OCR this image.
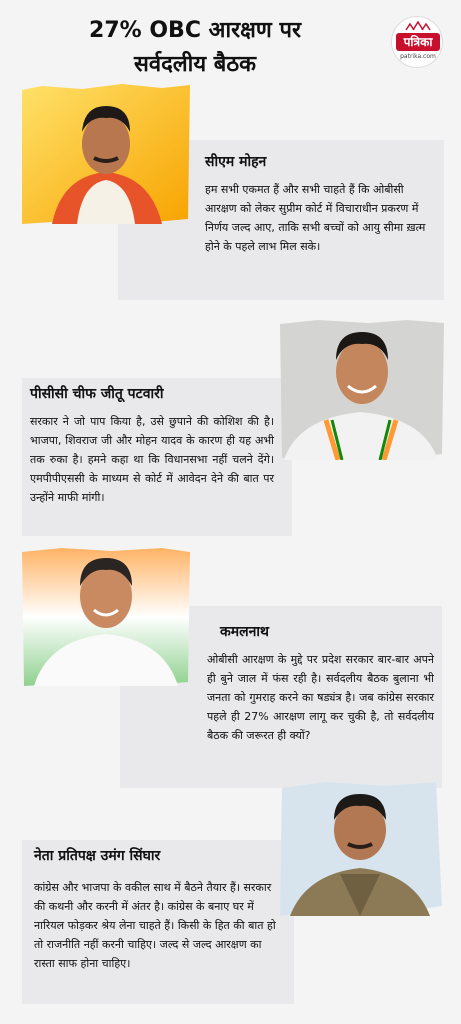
27% OBC आरक्षण पर
सर्वदलीय बैठक
पत्रिका
patrika.com
सीएम मोहन
हम सभी एकमत हैं और सभी चाहते हैं कि ओबीसी आरक्षण को लेकर सुप्रीम कोर्ट में विचाराधीन प्रकरण में निर्णय जल्द आए, ताकि सभी बच्चों को आयु सीमा ख़त्म होने के पहले लाभ मिल सके।
पीसीसी चीफ जीतू पटवारी
सरकार ने जो पाप किया है, उसे छुपाने की कोशिश की है। भाजपा, शिवराज जी और मोहन यादव के कारण ही यह अभी तक रुका है। हमने कहा था कि विधानसभा नहीं चलने देंगे। एमपीपीएससी के माध्यम से कोर्ट में आवेदन देने की बात पर उन्होंने माफी मांगी।
कमलनाथ
ओबीसी आरक्षण के मुद्दे पर प्रदेश सरकार बार-बार अपने ही बुने जाल में फंस रही है। सर्वदलीय बैठक बुलाना भी जनता को गुमराह करने का षड्यंत्र है। जब कांग्रेस सरकार पहले ही 27% आरक्षण लागू कर चुकी है, तो सर्वदलीय बैठक की जरूरत ही क्यों?
नेता प्रतिपक्ष उमंग सिंघार
कांग्रेस और भाजपा के वकील साथ में बैठने तैयार हैं। सरकार की कथनी और करनी में अंतर है। कांग्रेस के बनाए घर में नारियल फोड़कर श्रेय लेना चाहते हैं। किसी के हित की बात हो तो राजनीति नहीं करनी चाहिए। जल्द से जल्द आरक्षण का रास्ता साफ होना चाहिए।
